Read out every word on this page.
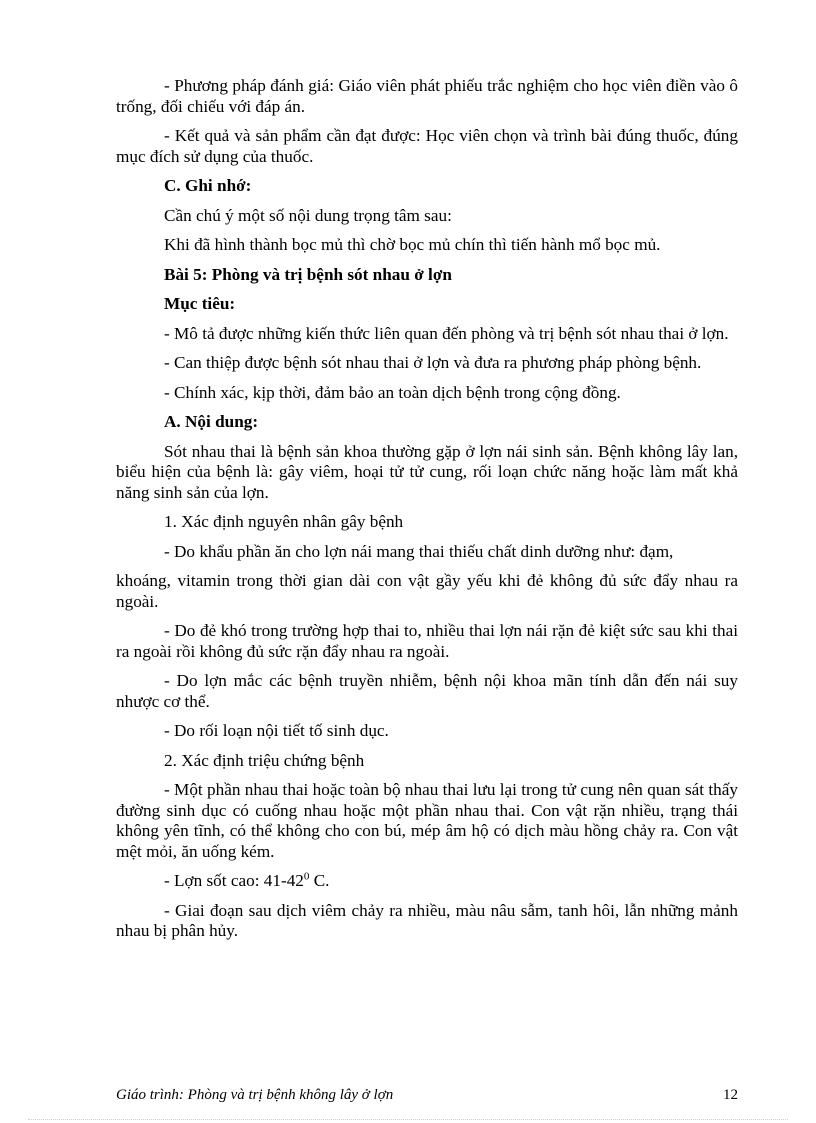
- Phương pháp đánh giá: Giáo viên phát phiếu trắc nghiệm cho học viên điền vào ô trống, đối chiếu với đáp án.

- Kết quả và sản phẩm cần đạt được: Học viên chọn và trình bài đúng thuốc, đúng mục đích sử dụng của thuốc.

C. Ghi nhớ:

Cần chú ý một số nội dung trọng tâm sau:

Khi đã hình thành bọc mủ thì chờ bọc mủ chín thì tiến hành mổ bọc mủ.

Bài 5: Phòng và trị bệnh sót nhau ở lợn

Mục tiêu:

- Mô tả được những kiến thức liên quan đến phòng và trị bệnh sót nhau thai ở lợn.

- Can thiệp được bệnh sót nhau thai ở lợn và đưa ra phương pháp phòng bệnh.

- Chính xác, kịp thời, đảm bảo an toàn dịch bệnh trong cộng đồng.

A. Nội dung:

Sót nhau thai là bệnh sản khoa thường gặp ở lợn nái sinh sản. Bệnh không lây lan, biểu hiện của bệnh là: gây viêm, hoại tử tử cung, rối loạn chức năng hoặc làm mất khả năng sinh sản của lợn.

1. Xác định nguyên nhân gây bệnh

- Do khẩu phần ăn cho lợn nái mang thai thiếu chất dinh dưỡng như: đạm,

khoáng, vitamin trong thời gian dài con vật gầy yếu khi đẻ không đủ sức đẩy nhau ra ngoài.

- Do đẻ khó trong trường hợp thai to, nhiều thai lợn nái rặn đẻ kiệt sức sau khi thai ra ngoài rồi không đủ sức rặn đẩy nhau ra ngoài.

- Do lợn mắc các bệnh truyền nhiễm, bệnh nội khoa mãn tính dẫn đến nái suy nhược cơ thể.

- Do rối loạn nội tiết tố sinh dục.

2. Xác định triệu chứng bệnh

- Một phần nhau thai hoặc toàn bộ nhau thai lưu lại trong tử cung nên quan sát thấy đường sinh dục có cuống nhau hoặc một phần nhau thai. Con vật rặn nhiều, trạng thái không yên tĩnh, có thể không cho con bú, mép âm hộ có dịch màu hồng chảy ra. Con vật mệt mỏi, ăn uống kém.

- Lợn sốt cao: $41-42^0$ C.

- Giai đoạn sau dịch viêm chảy ra nhiều, màu nâu sẫm, tanh hôi, lẫn những mảnh nhau bị phân hủy.

Giáo trình: Phòng và trị bệnh không lây ở lợn	12
